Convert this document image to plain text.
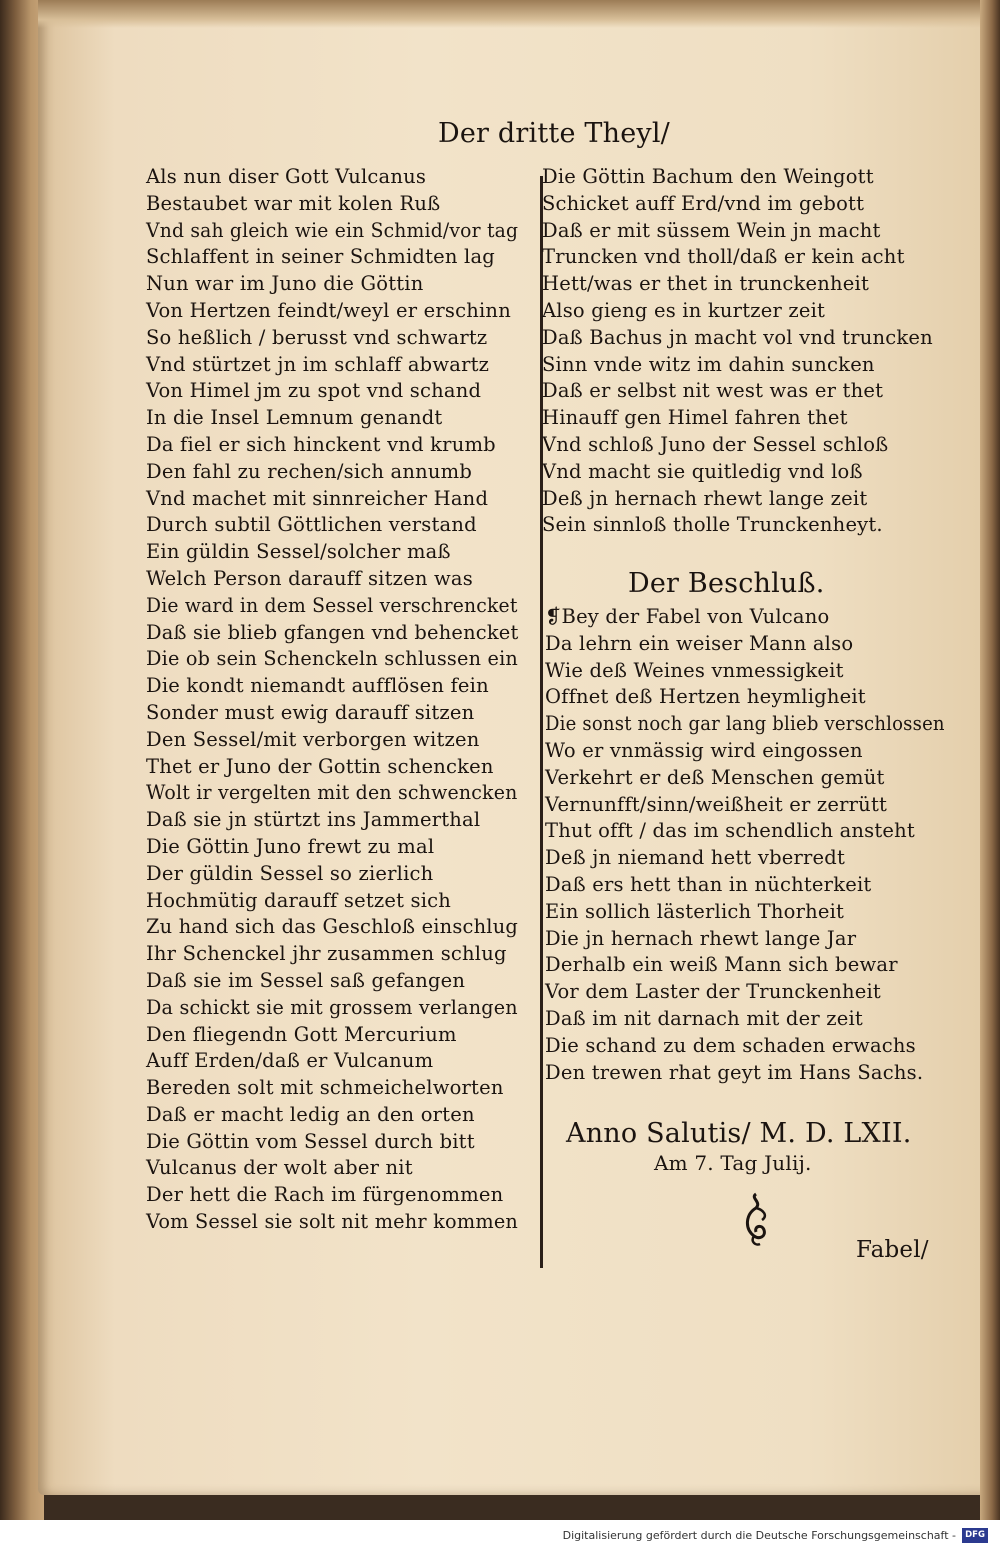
Der dritte Theyl/
Als nun diser Gott Vulcanus
Bestaubet war mit kolen Ruß
Vnd sah gleich wie ein Schmid/vor tag
Schlaffent in seiner Schmidten lag
Nun war im Juno die Göttin
Von Hertzen feindt/weyl er erschinn
So heßlich / berusst vnd schwartz
Vnd stürtzet jn im schlaff abwartz
Von Himel jm zu spot vnd schand
In die Insel Lemnum genandt
Da fiel er sich hinckent vnd krumb
Den fahl zu rechen/sich annumb
Vnd machet mit sinnreicher Hand
Durch subtil Göttlichen verstand
Ein güldin Sessel/solcher maß
Welch Person darauff sitzen was
Die ward in dem Sessel verschrencket
Daß sie blieb gfangen vnd behencket
Die ob sein Schenckeln schlussen ein
Die kondt niemandt aufflösen fein
Sonder must ewig darauff sitzen
Den Sessel/mit verborgen witzen
Thet er Juno der Gottin schencken
Wolt ir vergelten mit den schwencken
Daß sie jn stürtzt ins Jammerthal
Die Göttin Juno frewt zu mal
Der güldin Sessel so zierlich
Hochmütig darauff setzet sich
Zu hand sich das Geschloß einschlug
Ihr Schenckel jhr zusammen schlug
Daß sie im Sessel saß gefangen
Da schickt sie mit grossem verlangen
Den fliegendn Gott Mercurium
Auff Erden/daß er Vulcanum
Bereden solt mit schmeichelworten
Daß er macht ledig an den orten
Die Göttin vom Sessel durch bitt
Vulcanus der wolt aber nit
Der hett die Rach im fürgenommen
Vom Sessel sie solt nit mehr kommen
Die Göttin Bachum den Weingott
Schicket auff Erd/vnd im gebott
Daß er mit süssem Wein jn macht
Truncken vnd tholl/daß er kein acht
Hett/was er thet in trunckenheit
Also gieng es in kurtzer zeit
Daß Bachus jn macht vol vnd truncken
Sinn vnde witz im dahin suncken
Daß er selbst nit west was er thet
Hinauff gen Himel fahren thet
Vnd schloß Juno der Sessel schloß
Vnd macht sie quitledig vnd loß
Deß jn hernach rhewt lange zeit
Sein sinnloß tholle Trunckenheyt.
Der Beschluß.
❡Bey der Fabel von Vulcano
Da lehrn ein weiser Mann also
Wie deß Weines vnmessigkeit
Offnet deß Hertzen heymligheit
Die sonst noch gar lang blieb verschlossen
Wo er vnmässig wird eingossen
Verkehrt er deß Menschen gemüt
Vernunfft/sinn/weißheit er zerrütt
Thut offt / das im schendlich ansteht
Deß jn niemand hett vberredt
Daß ers hett than in nüchterkeit
Ein sollich lästerlich Thorheit
Die jn hernach rhewt lange Jar
Derhalb ein weiß Mann sich bewar
Vor dem Laster der Trunckenheit
Daß im nit darnach mit der zeit
Die schand zu dem schaden erwachs
Den trewen rhat geyt im Hans Sachs.
Anno Salutis/ M. D. LXII.
Am 7. Tag Julij.
Fabel/
Digitalisierung gefördert durch die Deutsche Forschungsgemeinschaft -	DFG
